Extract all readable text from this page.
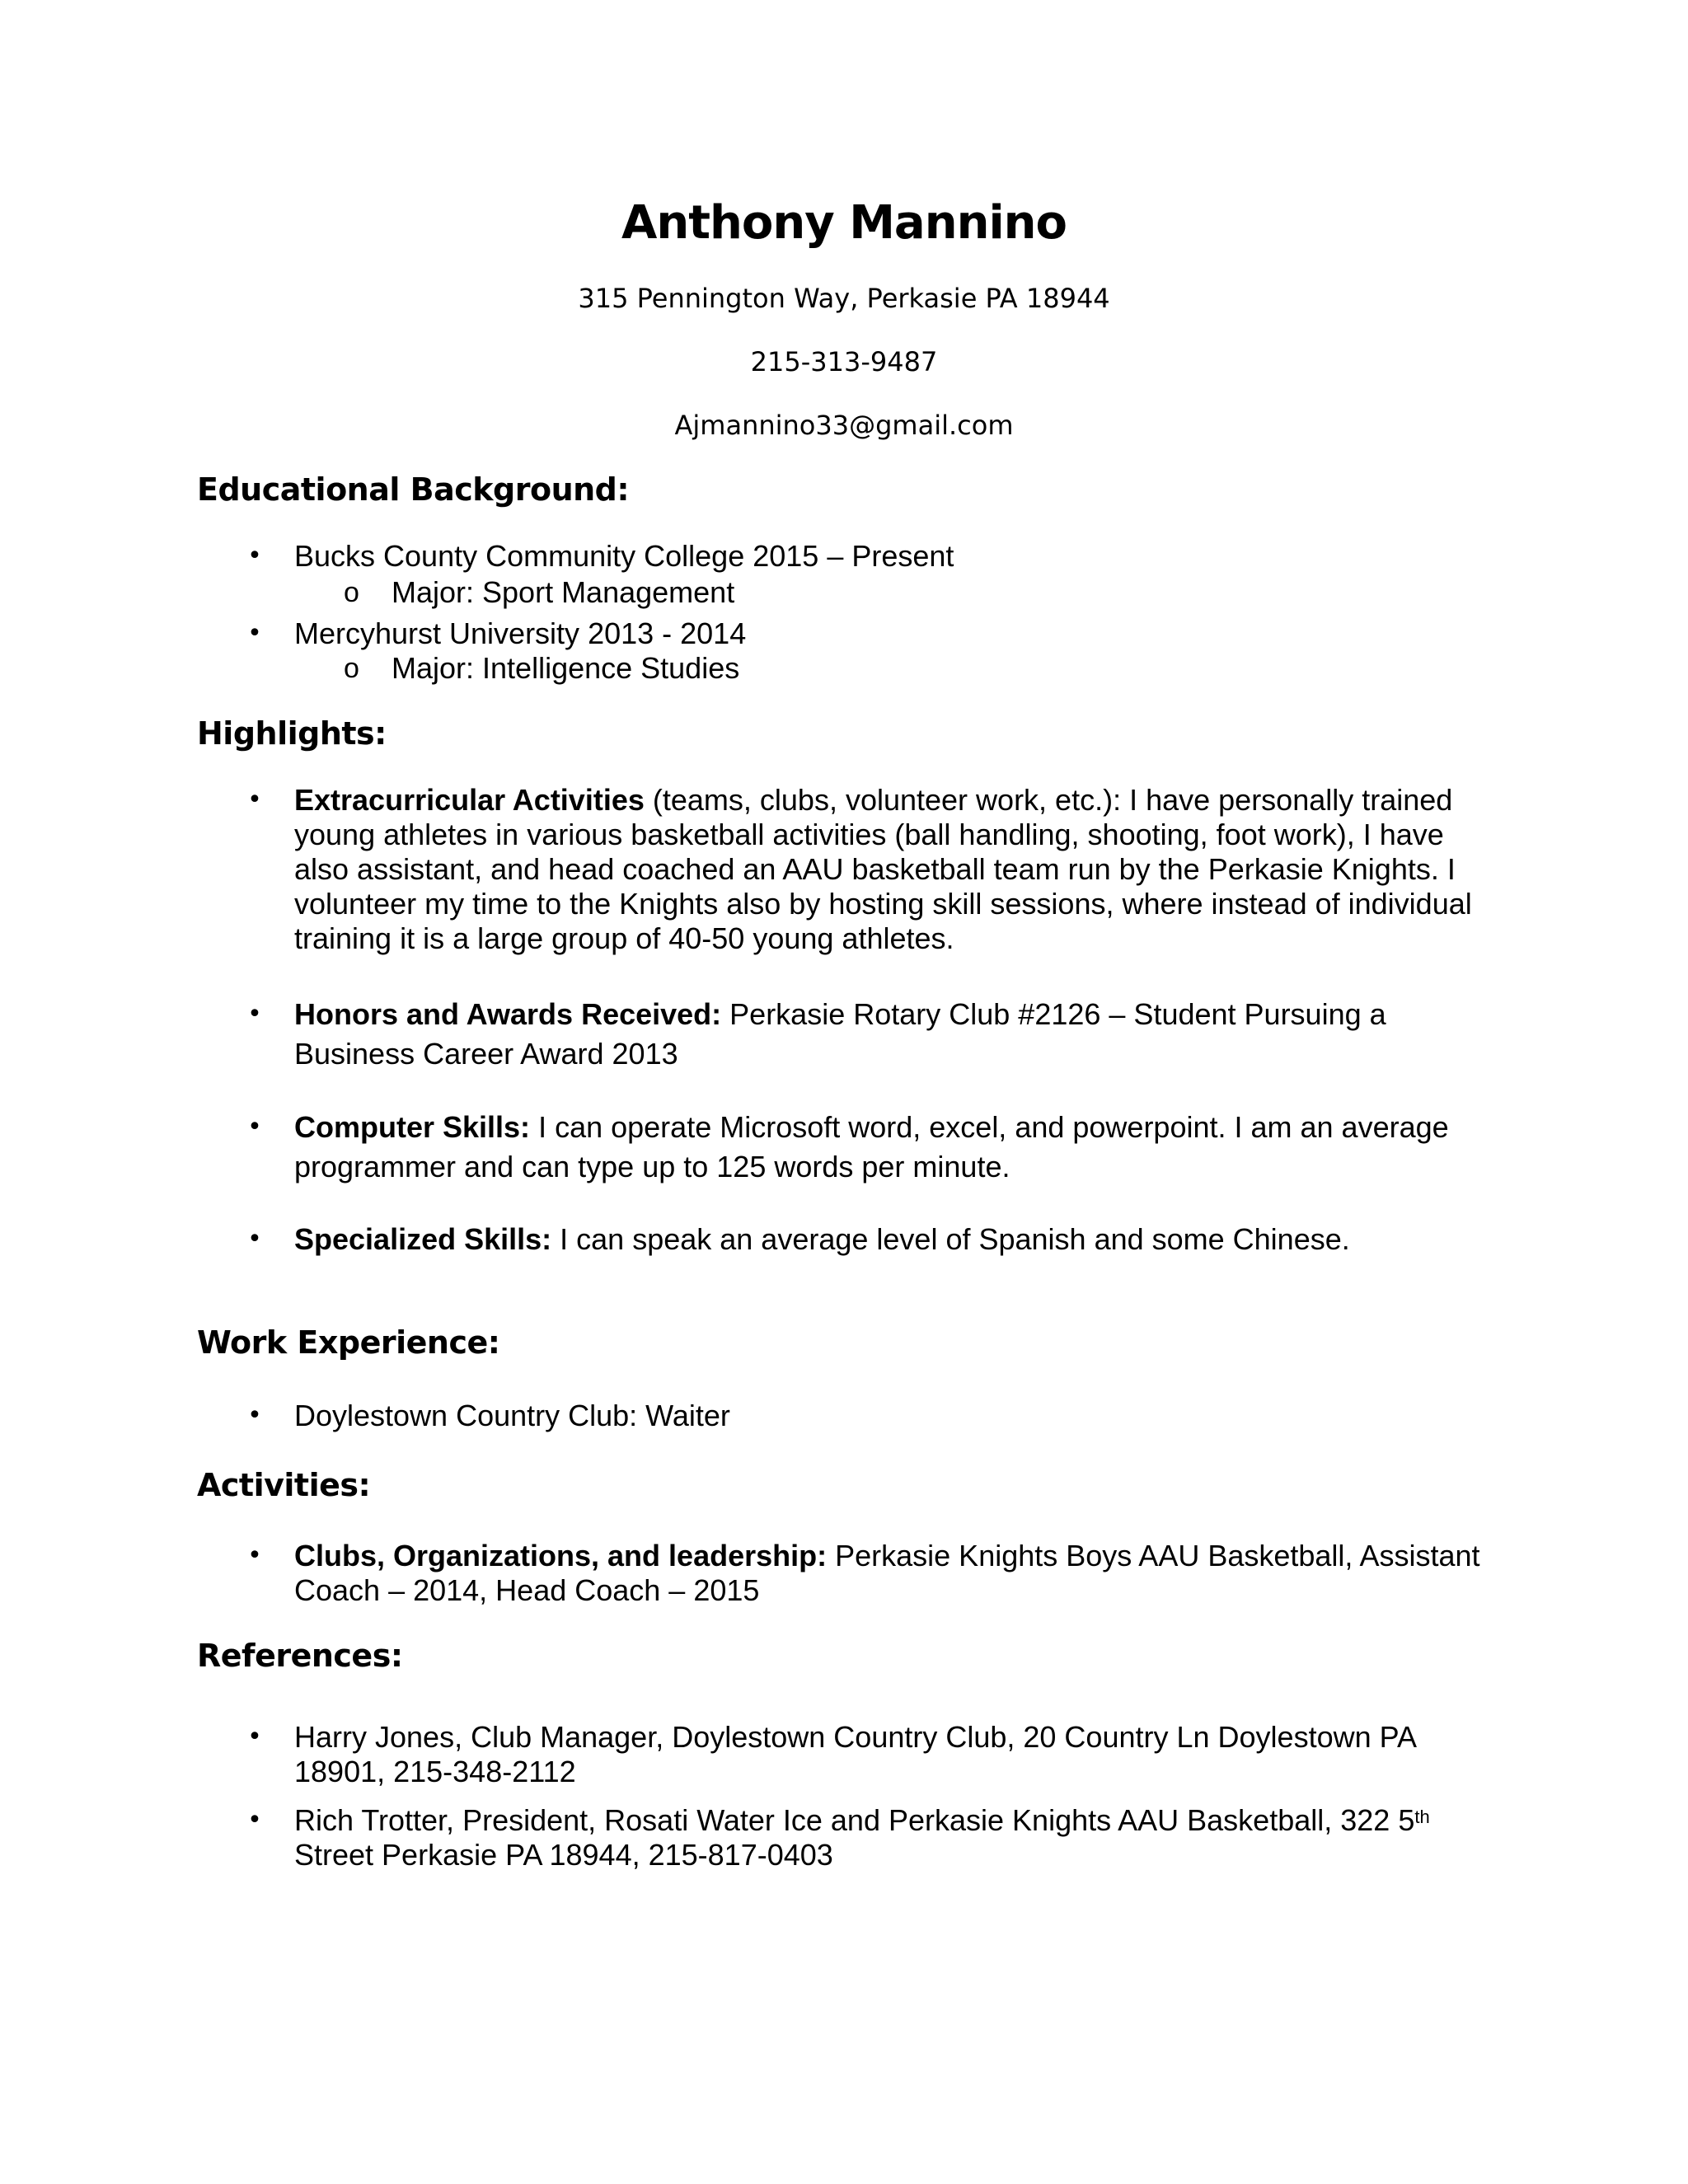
Anthony Mannino
315 Pennington Way, Perkasie PA 18944
215-313-9487
Ajmannino33@gmail.com
Educational Background:
• Bucks County Community College 2015 – Present
o Major: Sport Management
• Mercyhurst University 2013 - 2014
o Major: Intelligence Studies
Highlights:
• Extracurricular Activities (teams, clubs, volunteer work, etc.): I have personally trained young athletes in various basketball activities (ball handling, shooting, foot work), I have also assistant, and head coached an AAU basketball team run by the Perkasie Knights. I volunteer my time to the Knights also by hosting skill sessions, where instead of individual training it is a large group of 40-50 young athletes.
• Honors and Awards Received: Perkasie Rotary Club #2126 – Student Pursuing a Business Career Award 2013
• Computer Skills: I can operate Microsoft word, excel, and powerpoint. I am an average programmer and can type up to 125 words per minute.
• Specialized Skills: I can speak an average level of Spanish and some Chinese.
Work Experience:
• Doylestown Country Club: Waiter
Activities:
• Clubs, Organizations, and leadership: Perkasie Knights Boys AAU Basketball, Assistant Coach – 2014, Head Coach – 2015
References:
• Harry Jones, Club Manager, Doylestown Country Club, 20 Country Ln Doylestown PA 18901, 215-348-2112
• Rich Trotter, President, Rosati Water Ice and Perkasie Knights AAU Basketball, 322 5th Street Perkasie PA 18944, 215-817-0403
